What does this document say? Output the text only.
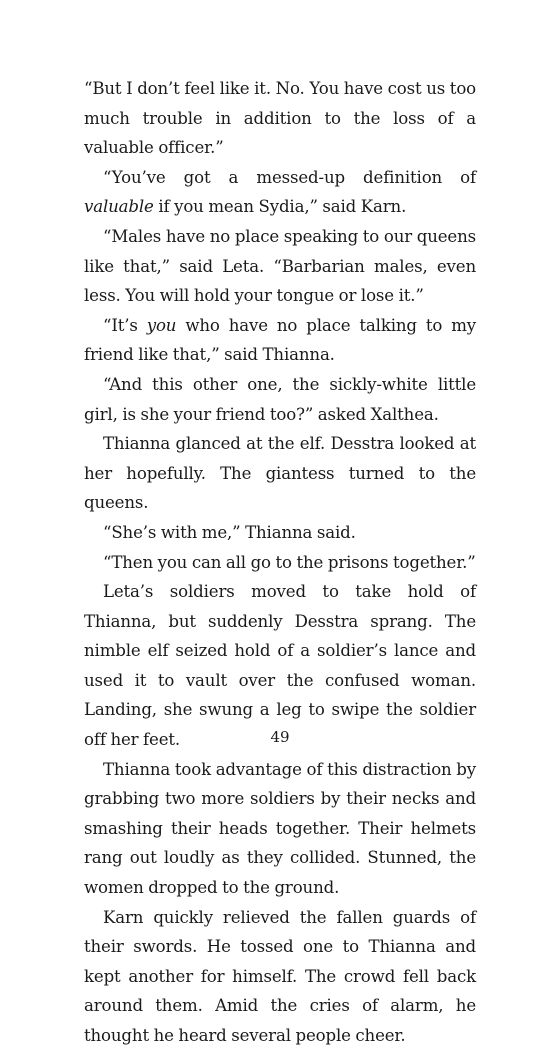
“But I don’t feel like it. No. You have cost us too much trouble in addition to the loss of a valuable officer.”

“You’ve got a messed-up definition of valuable if you mean Sydia,” said Karn.

“Males have no place speaking to our queens like that,” said Leta. “Barbarian males, even less. You will hold your tongue or lose it.”

“It’s you who have no place talking to my friend like that,” said Thianna.

“And this other one, the sickly-white little girl, is she your friend too?” asked Xalthea.

Thianna glanced at the elf. Desstra looked at her hopefully. The giantess turned to the queens.

“She’s with me,” Thianna said.

“Then you can all go to the prisons together.”

Leta’s soldiers moved to take hold of Thianna, but suddenly Desstra sprang. The nimble elf seized hold of a soldier’s lance and used it to vault over the confused woman. Landing, she swung a leg to swipe the soldier off her feet.

Thianna took advantage of this distraction by grabbing two more soldiers by their necks and smashing their heads together. Their helmets rang out loudly as they collided. Stunned, the women dropped to the ground.

Karn quickly relieved the fallen guards of their swords. He tossed one to Thianna and kept another for himself. The crowd fell back around them. Amid the cries of alarm, he thought he heard several people cheer.

49
